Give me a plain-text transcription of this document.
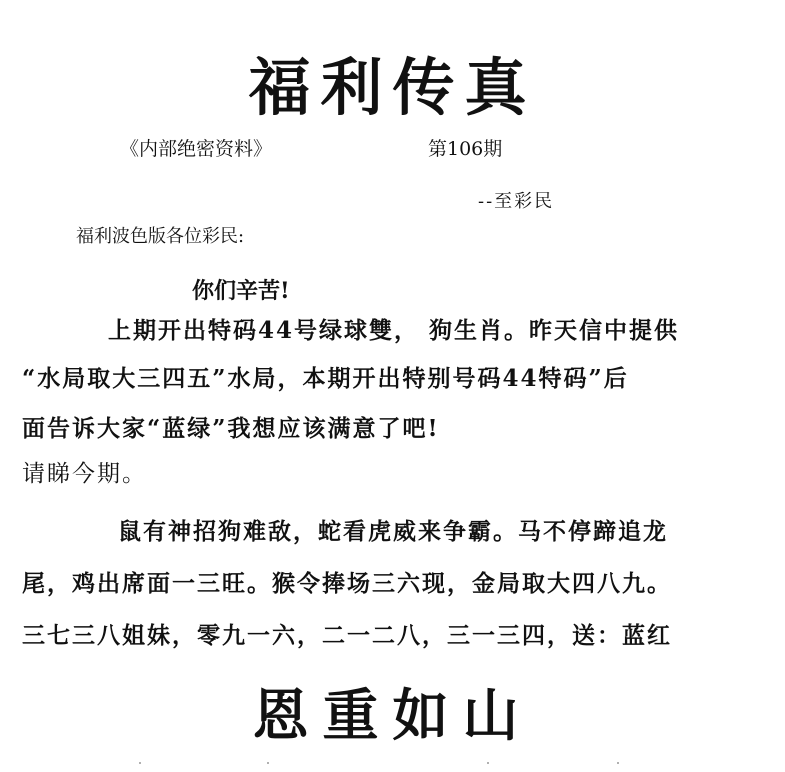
福利传真
《内部绝密资料》	第106期
--至彩民
福利波色版各位彩民:
你们辛苦!
上期开出特码44号绿球雙， 狗生肖。昨天信中提供
“水局取大三四五”水局，本期开出特别号码44特码”后
面告诉大家“蓝绿”我想应该满意了吧!
请睇今期。
鼠有神招狗难敌，蛇看虎威来争霸。马不停蹄追龙
尾，鸡出席面一三旺。猴令捧场三六现，金局取大四八九。
三七三八姐妹，零九一六，二一二八，三一三四，送：蓝红
恩重如山
